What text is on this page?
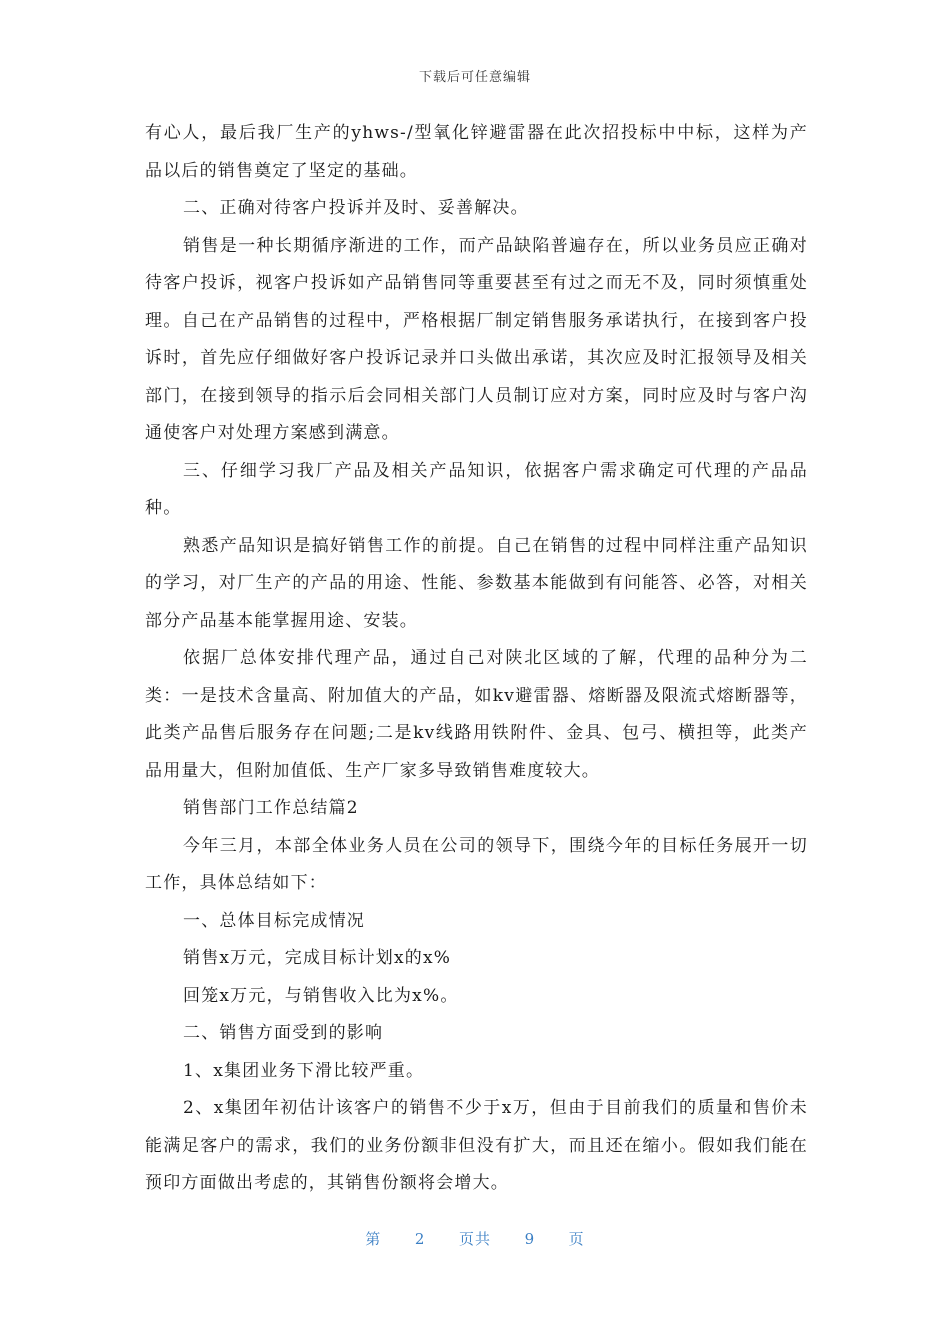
下载后可任意编辑

有心人，最后我厂生产的yhws-/型氧化锌避雷器在此次招投标中中标，这样为产品以后的销售奠定了坚定的基础。

二、正确对待客户投诉并及时、妥善解决。

销售是一种长期循序渐进的工作，而产品缺陷普遍存在，所以业务员应正确对待客户投诉，视客户投诉如产品销售同等重要甚至有过之而无不及，同时须慎重处理。自己在产品销售的过程中，严格根据厂制定销售服务承诺执行，在接到客户投诉时，首先应仔细做好客户投诉记录并口头做出承诺，其次应及时汇报领导及相关部门，在接到领导的指示后会同相关部门人员制订应对方案，同时应及时与客户沟通使客户对处理方案感到满意。

三、仔细学习我厂产品及相关产品知识，依据客户需求确定可代理的产品品种。

熟悉产品知识是搞好销售工作的前提。自己在销售的过程中同样注重产品知识的学习，对厂生产的产品的用途、性能、参数基本能做到有问能答、必答，对相关部分产品基本能掌握用途、安装。

依据厂总体安排代理产品，通过自己对陕北区域的了解，代理的品种分为二类：一是技术含量高、附加值大的产品，如kv避雷器、熔断器及限流式熔断器等，此类产品售后服务存在问题;二是kv线路用铁附件、金具、包弓、横担等，此类产品用量大，但附加值低、生产厂家多导致销售难度较大。

销售部门工作总结篇2

今年三月，本部全体业务人员在公司的领导下，围绕今年的目标任务展开一切工作，具体总结如下：

一、总体目标完成情况

销售x万元，完成目标计划x的x%

回笼x万元，与销售收入比为x%。

二、销售方面受到的影响

1、x集团业务下滑比较严重。

2、x集团年初估计该客户的销售不少于x万，但由于目前我们的质量和售价未能满足客户的需求，我们的业务份额非但没有扩大，而且还在缩小。假如我们能在预印方面做出考虑的，其销售份额将会增大。

第 2 页共 9 页
